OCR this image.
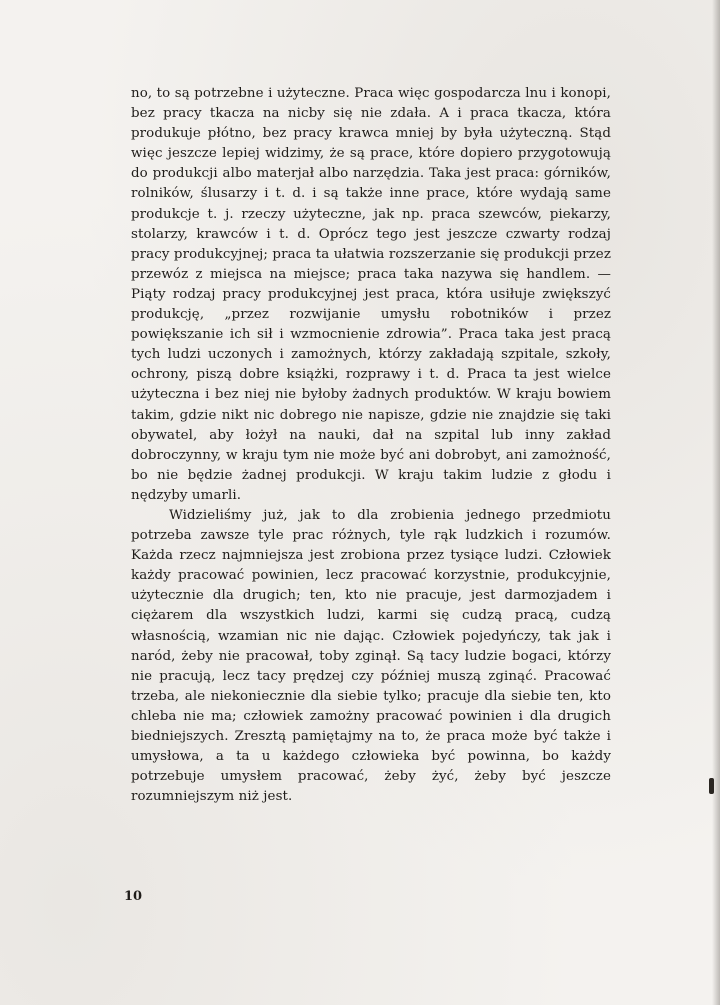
no, to są potrzebne i użyteczne. Praca więc gospodarcza lnu i konopi, bez pracy tkacza na nicby się nie zdała. A i praca tkacza, która produkuje płótno, bez pracy krawca mniej by była użyteczną. Stąd więc jeszcze lepiej widzimy, że są prace, które dopiero przygotowują do produkcji albo materjał albo narzędzia. Taka jest praca: górników, rolników, ślusarzy i t. d. i są także inne prace, które wydają same produkcje t. j. rzeczy użyteczne, jak np. praca szewców, piekarzy, stolarzy, krawców i t. d. Oprócz tego jest jeszcze czwarty rodzaj pracy produkcyjnej; praca ta ułatwia rozszerzanie się produkcji przez przewóz z miejsca na miejsce; praca taka nazywa się handlem. — Piąty rodzaj pracy produkcyjnej jest praca, która usiłuje zwiększyć produkcję, „przez rozwijanie umysłu robotników i przez powiększanie ich sił i wzmocnienie zdrowia”. Praca taka jest pracą tych ludzi uczonych i zamożnych, którzy zakładają szpitale, szkoły, ochrony, piszą dobre książki, rozprawy i t. d. Praca ta jest wielce użyteczna i bez niej nie byłoby żadnych produktów. W kraju bowiem takim, gdzie nikt nic dobrego nie napisze, gdzie nie znajdzie się taki obywatel, aby łożył na nauki, dał na szpital lub inny zakład dobroczynny, w kraju tym nie może być ani dobrobyt, ani zamożność, bo nie będzie żadnej produkcji. W kraju takim ludzie z głodu i nędzyby umarli.

Widzieliśmy już, jak to dla zrobienia jednego przedmiotu potrzeba zawsze tyle prac różnych, tyle rąk ludzkich i rozumów. Każda rzecz najmniejsza jest zrobiona przez tysiące ludzi. Człowiek każdy pracować powinien, lecz pracować korzystnie, produkcyjnie, użytecznie dla drugich; ten, kto nie pracuje, jest darmozjadem i ciężarem dla wszystkich ludzi, karmi się cudzą pracą, cudzą własnością, wzamian nic nie dając. Człowiek pojedyńczy, tak jak i naród, żeby nie pracował, toby zginął. Są tacy ludzie bogaci, którzy nie pracują, lecz tacy prędzej czy później muszą zginąć. Pracować trzeba, ale niekoniecznie dla siebie tylko; pracuje dla siebie ten, kto chleba nie ma; człowiek zamożny pracować powinien i dla drugich biedniejszych. Zresztą pamiętajmy na to, że praca może być także i umysłowa, a ta u każdego człowieka być powinna, bo każdy potrzebuje umysłem pracować, żeby żyć, żeby być jeszcze rozumniejszym niż jest.

10
